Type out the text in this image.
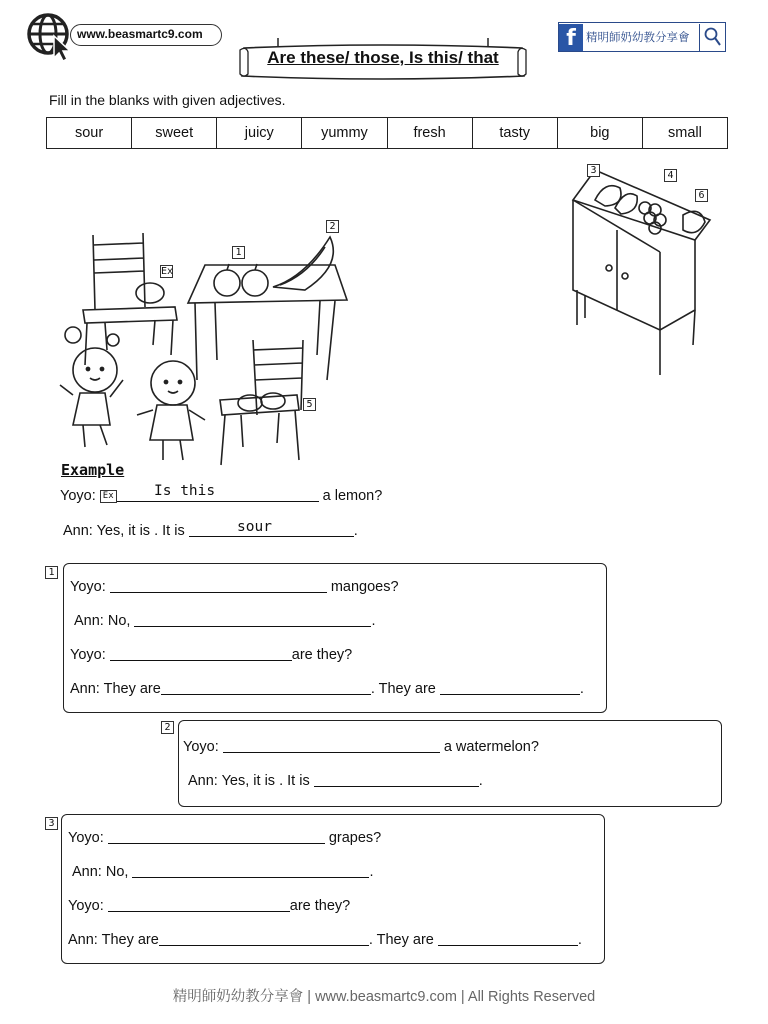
www.beasmartc9.com
Are these/ those, Is this/ that
f 精明師奶幼教分享會
Fill in the blanks with given adjectives.
sour	sweet	juicy	yummy	fresh	tasty	big	small
Ex
1
2
5
3	4
6
Example
Yoyo: Ex	a lemon?
Is this
Ann: Yes, it is . It is	.
sour
1
Yoyo:	mangoes?
Ann: No,	.
Yoyo:	are they?
Ann: They are	. They are	.
2
Yoyo:	a watermelon?
Ann: Yes, it is . It is	.
3
Yoyo:	grapes?
Ann: No,	.
Yoyo:	are they?
Ann: They are	. They are	.
精明師奶幼教分享會 | www.beasmartc9.com | All Rights Reserved
